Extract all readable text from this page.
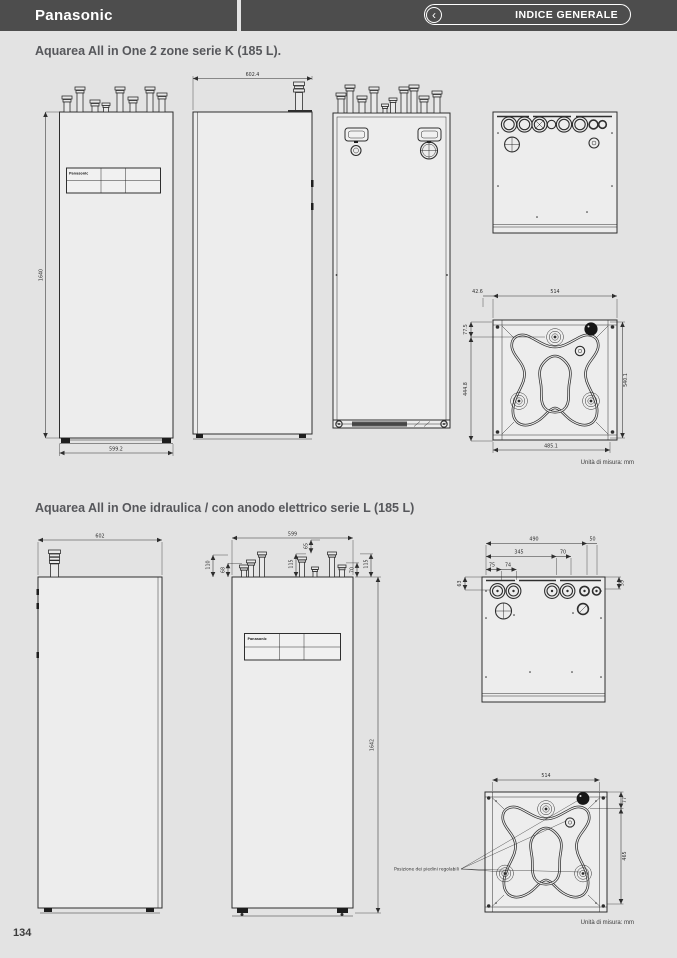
Panasonic	‹	INDICE GENERALE
Aquarea All in One 2 zone serie K (185 L).
Aquarea All in One idraulica / con anodo elettrico serie L (185 L)
134
Panasonic
1640
599.2
602.4
42.6	514
77.5
444.8
540.1
485.1
Unità di misura: mm
602	599
110
68
115
65
70
115
Panasonic
1642
490	50
345	70
75 74
63	59
514
77
465
Posizione dei piedini regolabili
Unità di misura: mm
